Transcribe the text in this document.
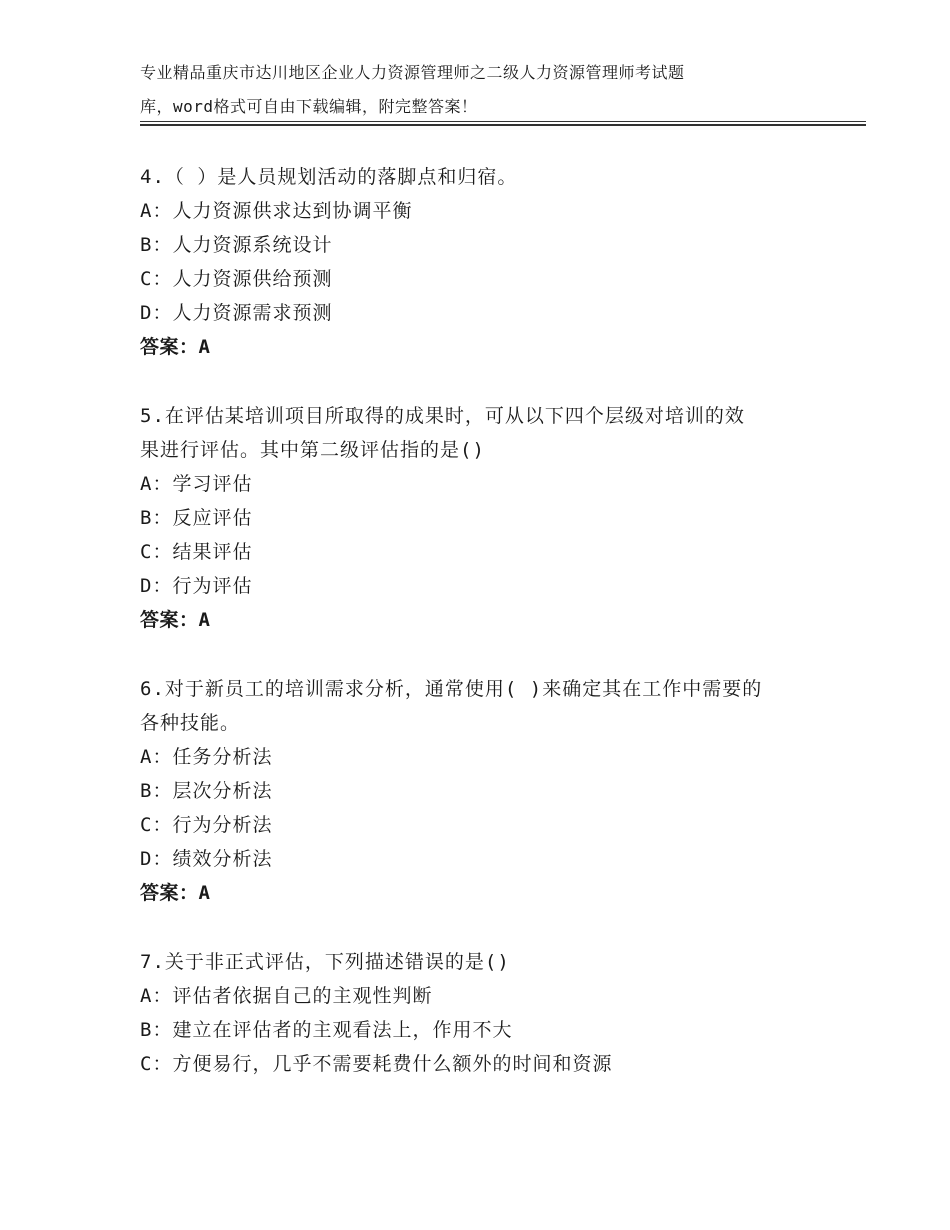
专业精品重庆市达川地区企业人力资源管理师之二级人力资源管理师考试题
库，word格式可自由下载编辑，附完整答案！
4.（ ）是人员规划活动的落脚点和归宿。
A：人力资源供求达到协调平衡
B：人力资源系统设计
C：人力资源供给预测
D：人力资源需求预测
答案：A
5.在评估某培训项目所取得的成果时，可从以下四个层级对培训的效
果进行评估。其中第二级评估指的是()
A：学习评估
B：反应评估
C：结果评估
D：行为评估
答案：A
6.对于新员工的培训需求分析，通常使用( )来确定其在工作中需要的
各种技能。
A：任务分析法
B：层次分析法
C：行为分析法
D：绩效分析法
答案：A
7.关于非正式评估，下列描述错误的是()
A：评估者依据自己的主观性判断
B：建立在评估者的主观看法上，作用不大
C：方便易行，几乎不需要耗费什么额外的时间和资源
